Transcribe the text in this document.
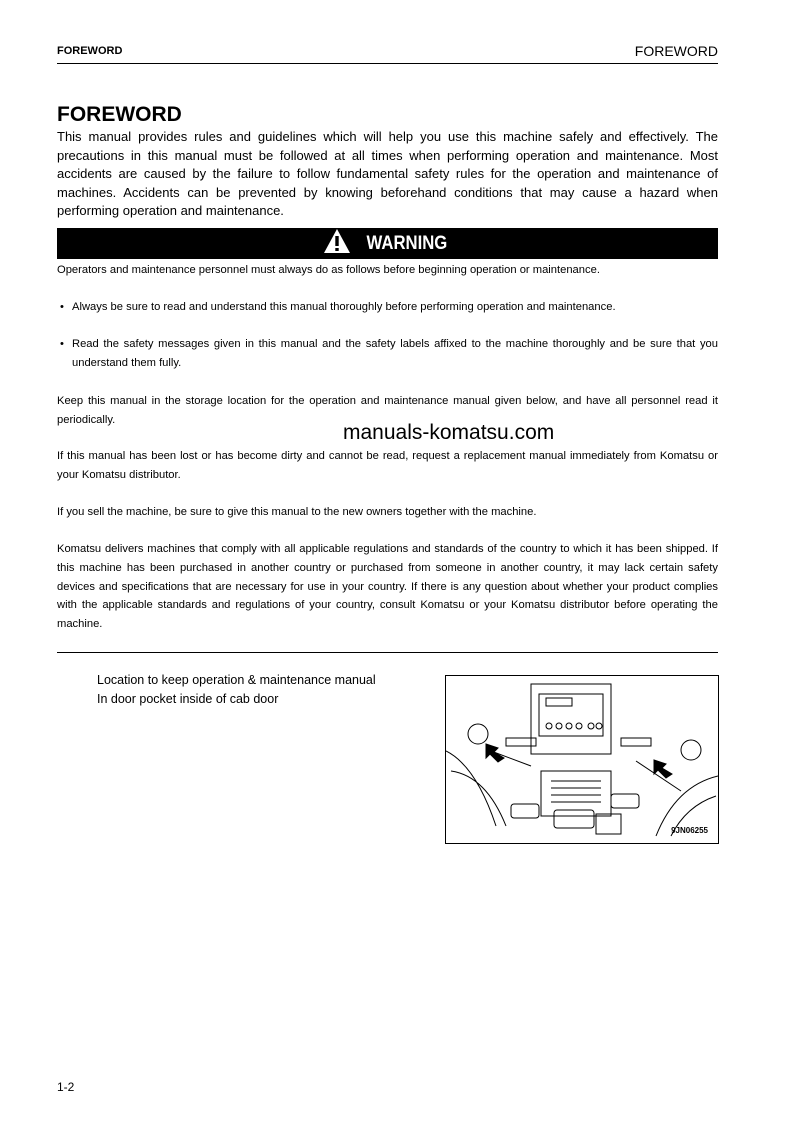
FOREWORD	FOREWORD
FOREWORD
This manual provides rules and guidelines which will help you use this machine safely and effectively. The precautions in this manual must be followed at all times when performing operation and maintenance. Most accidents are caused by the failure to follow fundamental safety rules for the operation and maintenance of machines. Accidents can be prevented by knowing beforehand conditions that may cause a hazard when performing operation and maintenance.
WARNING
Operators and maintenance personnel must always do as follows before beginning operation or maintenance.
• Always be sure to read and understand this manual thoroughly before performing operation and maintenance.
• Read the safety messages given in this manual and the safety labels affixed to the machine thoroughly and be sure that you understand them fully.
Keep this manual in the storage location for the operation and maintenance manual given below, and have all personnel read it periodically.
manuals-komatsu.com
If this manual has been lost or has become dirty and cannot be read, request a replacement manual immediately from Komatsu or your Komatsu distributor.
If you sell the machine, be sure to give this manual to the new owners together with the machine.
Komatsu delivers machines that comply with all applicable regulations and standards of the country to which it has been shipped. If this machine has been purchased in another country or purchased from someone in another country, it may lack certain safety devices and specifications that are necessary for use in your country. If there is any question about whether your product complies with the applicable standards and regulations of your country, consult Komatsu or your Komatsu distributor before operating the machine.
Location to keep operation & maintenance manual
In door pocket inside of cab door
9JN06255
1-2
